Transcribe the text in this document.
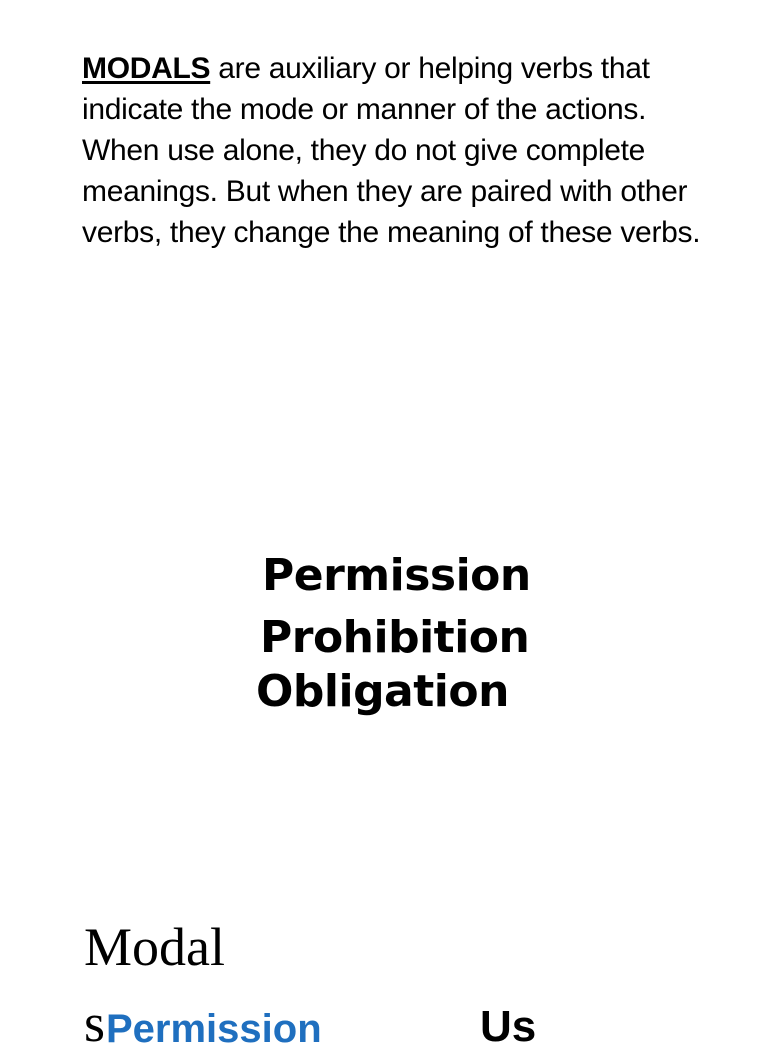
MODALS are auxiliary or helping verbs that indicate the mode or manner of the actions. When use alone, they do not give complete meanings. But when they are paired with other verbs, they change the meaning of these verbs.

Permission
Prohibition
Obligation
Modal
s Permission	Us
